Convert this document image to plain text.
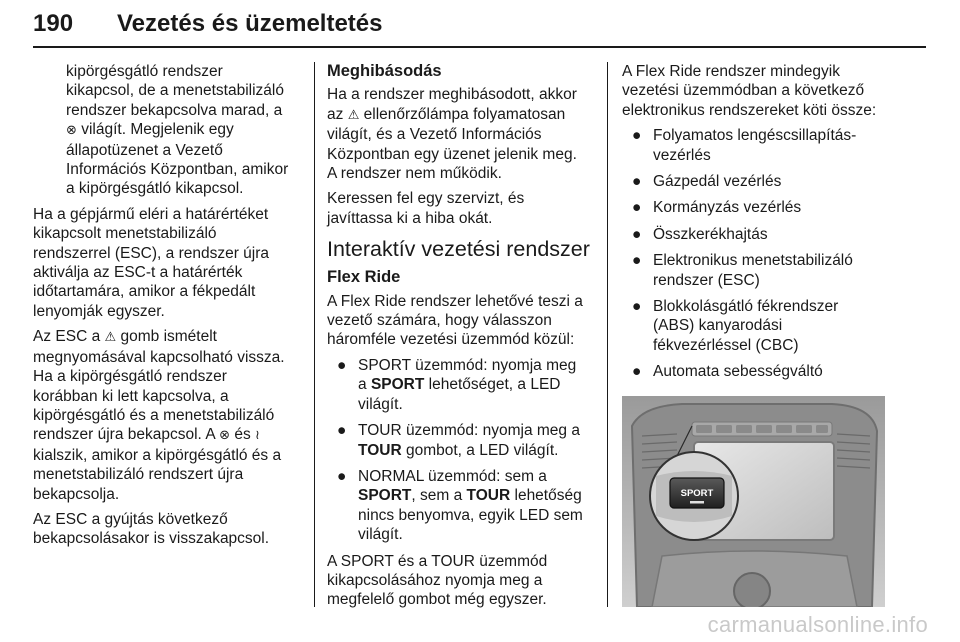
190 Vezetés és üzemeltetés

kipörgésgátló rendszer
kikapcsol, de a menetstabilizáló
rendszer bekapcsolva marad, a
⊗ világít. Megjelenik egy
állapotüzenet a Vezető
Információs Központban, amikor
a kipörgésgátló kikapcsol.

Ha a gépjármű eléri a határértéket
kikapcsolt menetstabilizáló
rendszerrel (ESC), a rendszer újra
aktiválja az ESC-t a határérték
időtartamára, amikor a fékpedált
lenyomják egyszer.

Az ESC a ⚠ gomb ismételt
megnyomásával kapcsolható vissza.
Ha a kipörgésgátló rendszer
korábban ki lett kapcsolva, a
kipörgésgátló és a menetstabilizáló
rendszer újra bekapcsol. A ⊗ és ≀
kialszik, amikor a kipörgésgátló és a
menetstabilizáló rendszert újra
bekapcsolja.

Az ESC a gyújtás következő
bekapcsolásakor is visszakapcsol.

Meghibásodás

Ha a rendszer meghibásodott, akkor
az ⚠ ellenőrzőlámpa folyamatosan
világít, és a Vezető Információs
Központban egy üzenet jelenik meg.
A rendszer nem működik.

Keressen fel egy szervizt, és
javíttassa ki a hiba okát.

Interaktív vezetési rendszer
Flex Ride

A Flex Ride rendszer lehetővé teszi a
vezető számára, hogy válasszon
háromféle vezetési üzemmód közül:

● SPORT üzemmód: nyomja meg
a SPORT lehetőséget, a LED
világít.
● TOUR üzemmód: nyomja meg a
TOUR gombot, a LED világít.
● NORMAL üzemmód: sem a
SPORT, sem a TOUR lehetőség
nincs benyomva, egyik LED sem
világít.

A SPORT és a TOUR üzemmód
kikapcsolásához nyomja meg a
megfelelő gombot még egyszer.

A Flex Ride rendszer mindegyik
vezetési üzemmódban a következő
elektronikus rendszereket köti össze:

● Folyamatos lengéscsillapítás-
vezérlés
● Gázpedál vezérlés
● Kormányzás vezérlés
● Összkerékhajtás
● Elektronikus menetstabilizáló
rendszer (ESC)
● Blokkolásgátló fékrendszer
(ABS) kanyarodási
fékvezérléssel (CBC)
● Automata sebességváltó
SPORT
carmanualsonline.info
